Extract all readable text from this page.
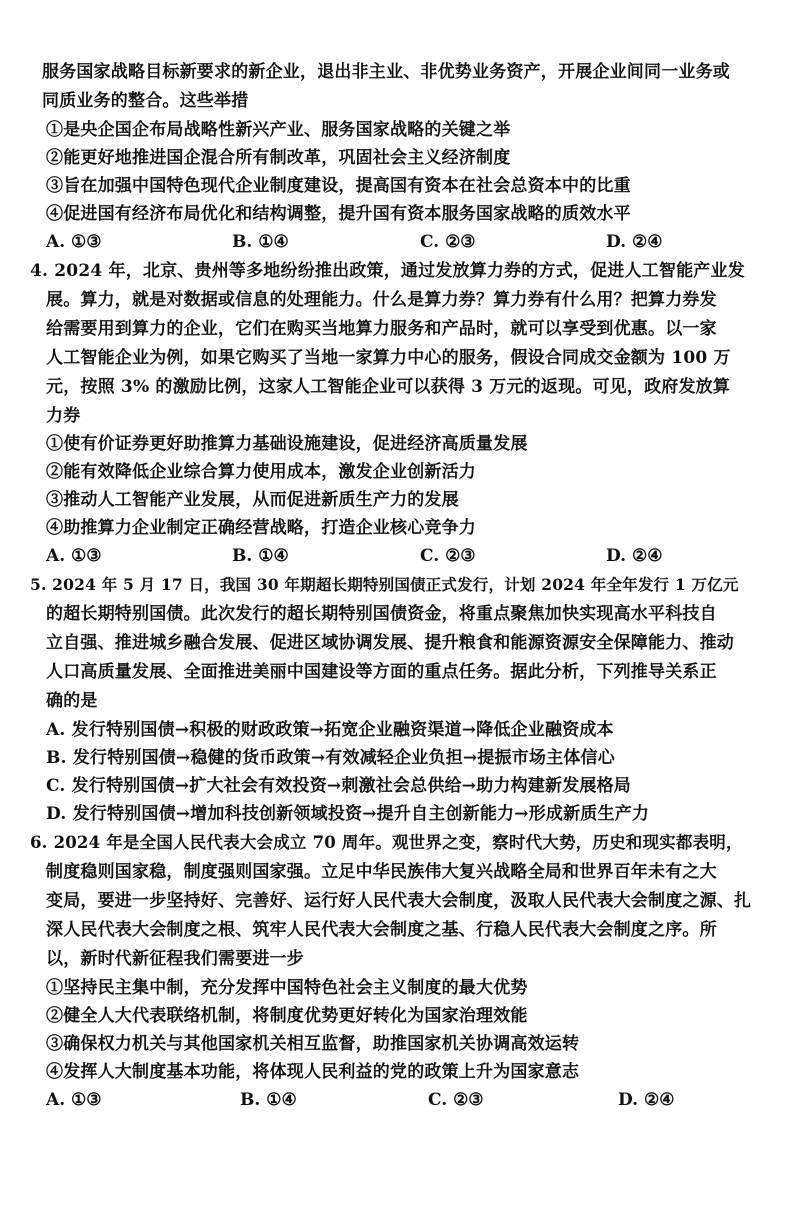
服务国家战略目标新要求的新企业，退出非主业、非优势业务资产，开展企业间同一业务或
同质业务的整合。这些举措
①是央企国企布局战略性新兴产业、服务国家战略的关键之举
②能更好地推进国企混合所有制改革，巩固社会主义经济制度
③旨在加强中国特色现代企业制度建设，提高国有资本在社会总资本中的比重
④促进国有经济布局优化和结构调整，提升国有资本服务国家战略的质效水平
A. ①③	B. ①④	C. ②③	D. ②④
4. 2024 年，北京、贵州等多地纷纷推出政策，通过发放算力券的方式，促进人工智能产业发
展。算力，就是对数据或信息的处理能力。什么是算力券？算力券有什么用？把算力券发
给需要用到算力的企业，它们在购买当地算力服务和产品时，就可以享受到优惠。以一家
人工智能企业为例，如果它购买了当地一家算力中心的服务，假设合同成交金额为 100 万
元，按照 3% 的激励比例，这家人工智能企业可以获得 3 万元的返现。可见，政府发放算
力券
①使有价证券更好助推算力基础设施建设，促进经济高质量发展
②能有效降低企业综合算力使用成本，激发企业创新活力
③推动人工智能产业发展，从而促进新质生产力的发展
④助推算力企业制定正确经营战略，打造企业核心竞争力
A. ①③	B. ①④	C. ②③	D. ②④
5. 2024 年 5 月 17 日，我国 30 年期超长期特别国债正式发行，计划 2024 年全年发行 1 万亿元
的超长期特别国债。此次发行的超长期特别国债资金，将重点聚焦加快实现高水平科技自
立自强、推进城乡融合发展、促进区域协调发展、提升粮食和能源资源安全保障能力、推动
人口高质量发展、全面推进美丽中国建设等方面的重点任务。据此分析，下列推导关系正
确的是
A. 发行特别国债→积极的财政政策→拓宽企业融资渠道→降低企业融资成本
B. 发行特别国债→稳健的货币政策→有效减轻企业负担→提振市场主体信心
C. 发行特别国债→扩大社会有效投资→刺激社会总供给→助力构建新发展格局
D. 发行特别国债→增加科技创新领域投资→提升自主创新能力→形成新质生产力
6. 2024 年是全国人民代表大会成立 70 周年。观世界之变，察时代大势，历史和现实都表明，
制度稳则国家稳，制度强则国家强。立足中华民族伟大复兴战略全局和世界百年未有之大
变局，要进一步坚持好、完善好、运行好人民代表大会制度，汲取人民代表大会制度之源、扎
深人民代表大会制度之根、筑牢人民代表大会制度之基、行稳人民代表大会制度之序。所
以，新时代新征程我们需要进一步
①坚持民主集中制，充分发挥中国特色社会主义制度的最大优势
②健全人大代表联络机制，将制度优势更好转化为国家治理效能
③确保权力机关与其他国家机关相互监督，助推国家机关协调高效运转
④发挥人大制度基本功能，将体现人民利益的党的政策上升为国家意志
A. ①③	B. ①④	C. ②③	D. ②④
